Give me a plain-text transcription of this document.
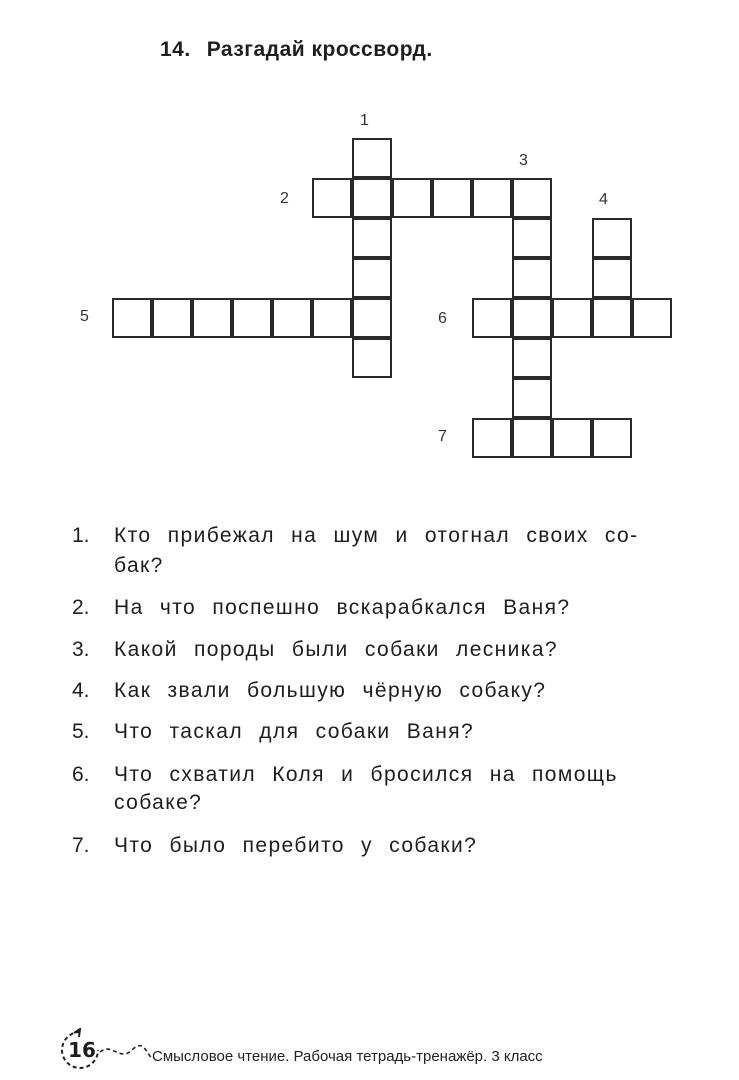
14. Разгадай кроссворд.
1
2
3
4
5	6
7
1. Кто прибежал на шум и отогнал своих со-
бак?
2. На что поспешно вскарабкался Ваня?
3. Какой породы были собаки лесника?
4. Как звали большую чёрную собаку?
5. Что таскал для собаки Ваня?
6. Что схватил Коля и бросился на помощь
собаке?
7. Что было перебито у собаки?
16	Смысловое чтение. Рабочая тетрадь-тренажёр. 3 класс
